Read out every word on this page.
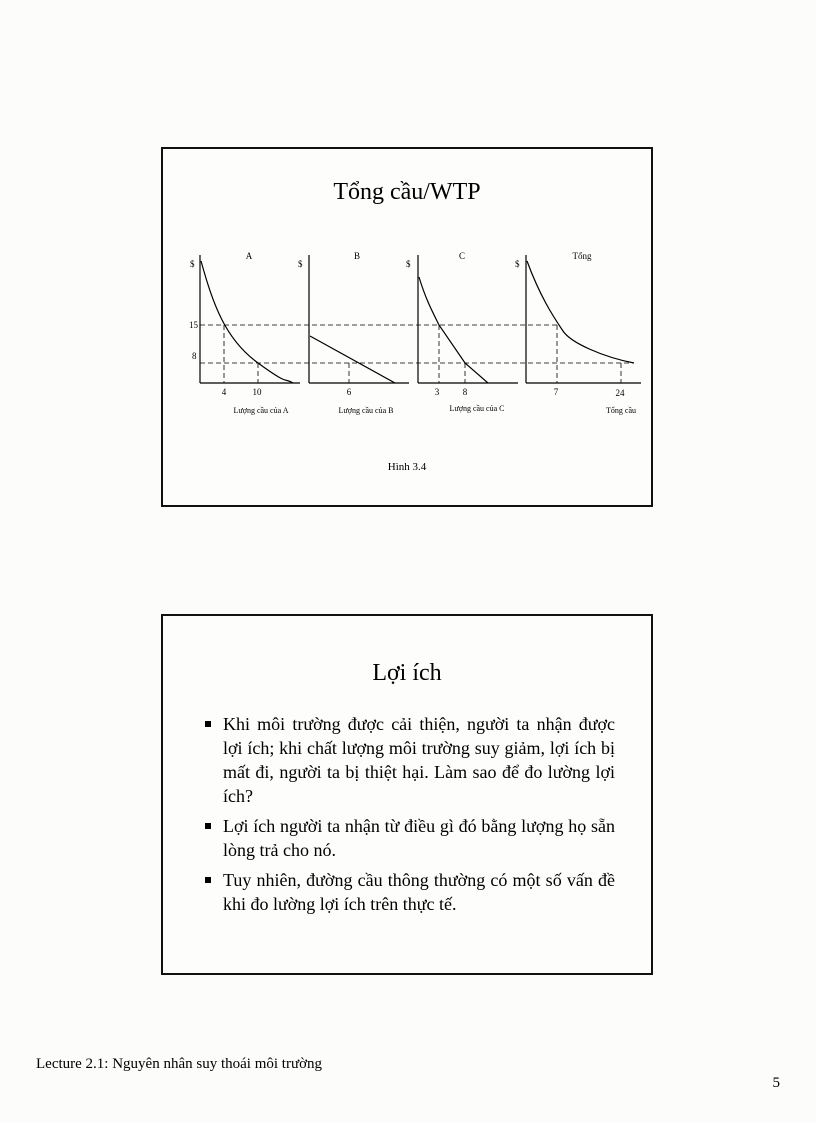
Tổng cầu/WTP
A	B	C	Tổng
$	$	$	$
15
8
4	10	6	3	8	7	24
Lượng cầu của A	Lượng cầu của B	Lượng cầu của C	Tổng cầu
Hình 3.4
Lợi ích
Khi môi trường được cải thiện, người ta nhận được lợi ích; khi chất lượng môi trường suy giảm, lợi ích bị mất đi, người ta bị thiệt hại. Làm sao để đo lường lợi ích?
Lợi ích người ta nhận từ điều gì đó bằng lượng họ sẵn lòng trả cho nó.
Tuy nhiên, đường cầu thông thường có một số vấn đề khi đo lường lợi ích trên thực tế.
Lecture 2.1: Nguyên nhân suy thoái môi trường
5
